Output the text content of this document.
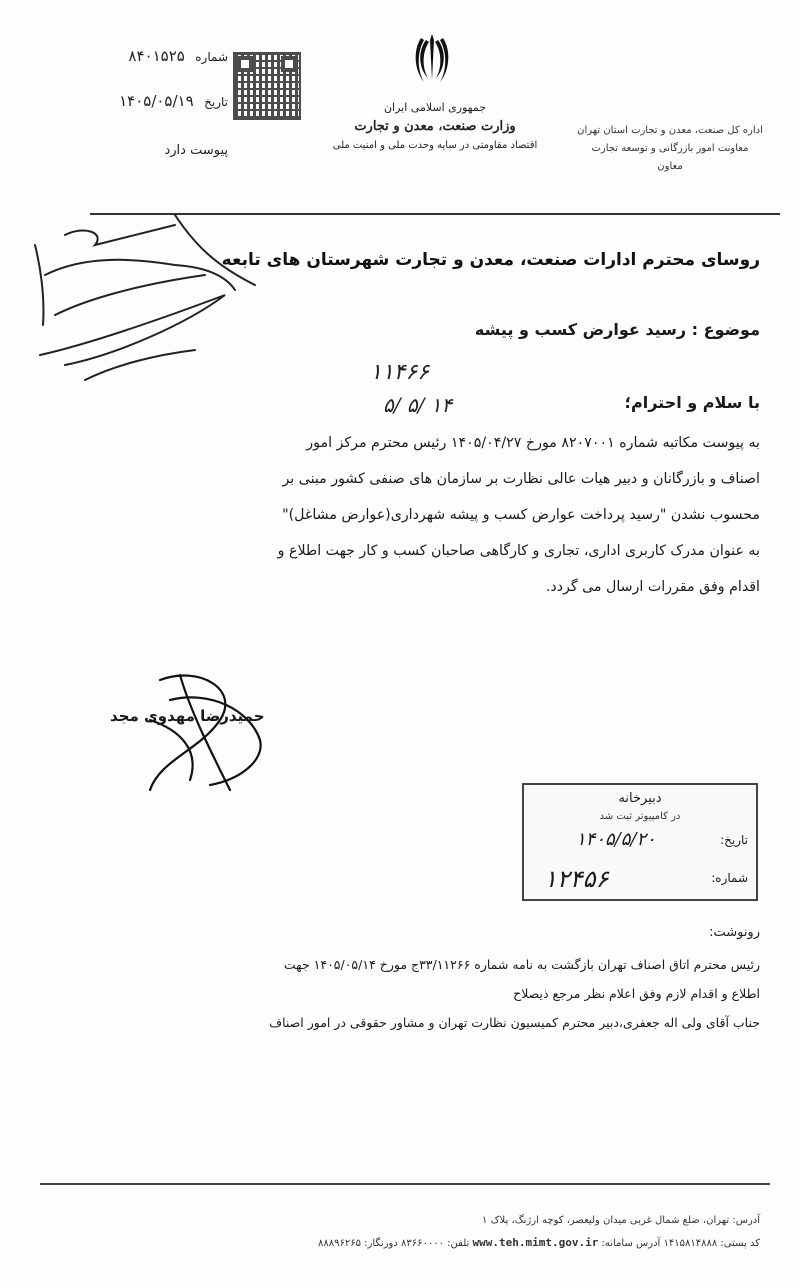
شماره ۸۴۰۱۵۲۵
تاریخ ۱۴۰۵/۰۵/۱۹
پیوست دارد
جمهوری اسلامی ایران
وزارت صنعت، معدن و تجارت
اقتصاد مقاومتی در سایه وحدت ملی و امنیت ملی
اداره کل صنعت، معدن و تجارت استان تهران
معاونت امور بازرگانی و توسعه تجارت
معاون
روسای محترم ادارات صنعت، معدن و تجارت شهرستان های تابعه
موضوع : رسید عوارض کسب و پیشه
۱۱۴۶۶
۵/ ۵/ ۱۴	با سلام و احترام؛

به پیوست مکاتبه شماره ۸۲۰۷۰۰۱ مورخ ۱۴۰۵/۰۴/۲۷ رئیس محترم مرکز امور

اصناف و بازرگانان و دبیر هیات عالی نظارت بر سازمان های صنفی کشور مبنی بر

محسوب نشدن "رسید پرداخت عوارض کسب و پیشه شهرداری(عوارض مشاغل)"

به عنوان مدرک کاربری اداری، تجاری و کارگاهی صاحبان کسب و کار جهت اطلاع و

اقدام وفق مقررات ارسال می گردد.

حمیدرضا مهدوی مجد
دبیرخانه
در کامپیوتر ثبت شد
تاریخ:
۱۴۰۵/۵/۲۰
شماره:
۱۲۴۵۶
رونوشت:

رئیس محترم اتاق اصناف تهران بازگشت به نامه شماره ۳۳/۱۱۲۶۶ج مورخ ۱۴۰۵/۰۵/۱۴ جهت

اطلاع و اقدام لازم وفق اعلام نظر مرجع ذیصلاح

جناب آقای ولی اله جعفری،دبیر محترم کمیسیون نظارت تهران و مشاور حقوقی در امور اصناف

آدرس: تهران، ضلع شمال غربی میدان ولیعصر، کوچه ارژنگ، پلاک ۱

کد پستی: ۱۴۱۵۸۱۴۸۸۸ آدرس سامانه: www.teh.mimt.gov.ir تلفن: ۸۳۶۶۰۰۰۰ دورنگار: ۸۸۸۹۶۲۶۵
